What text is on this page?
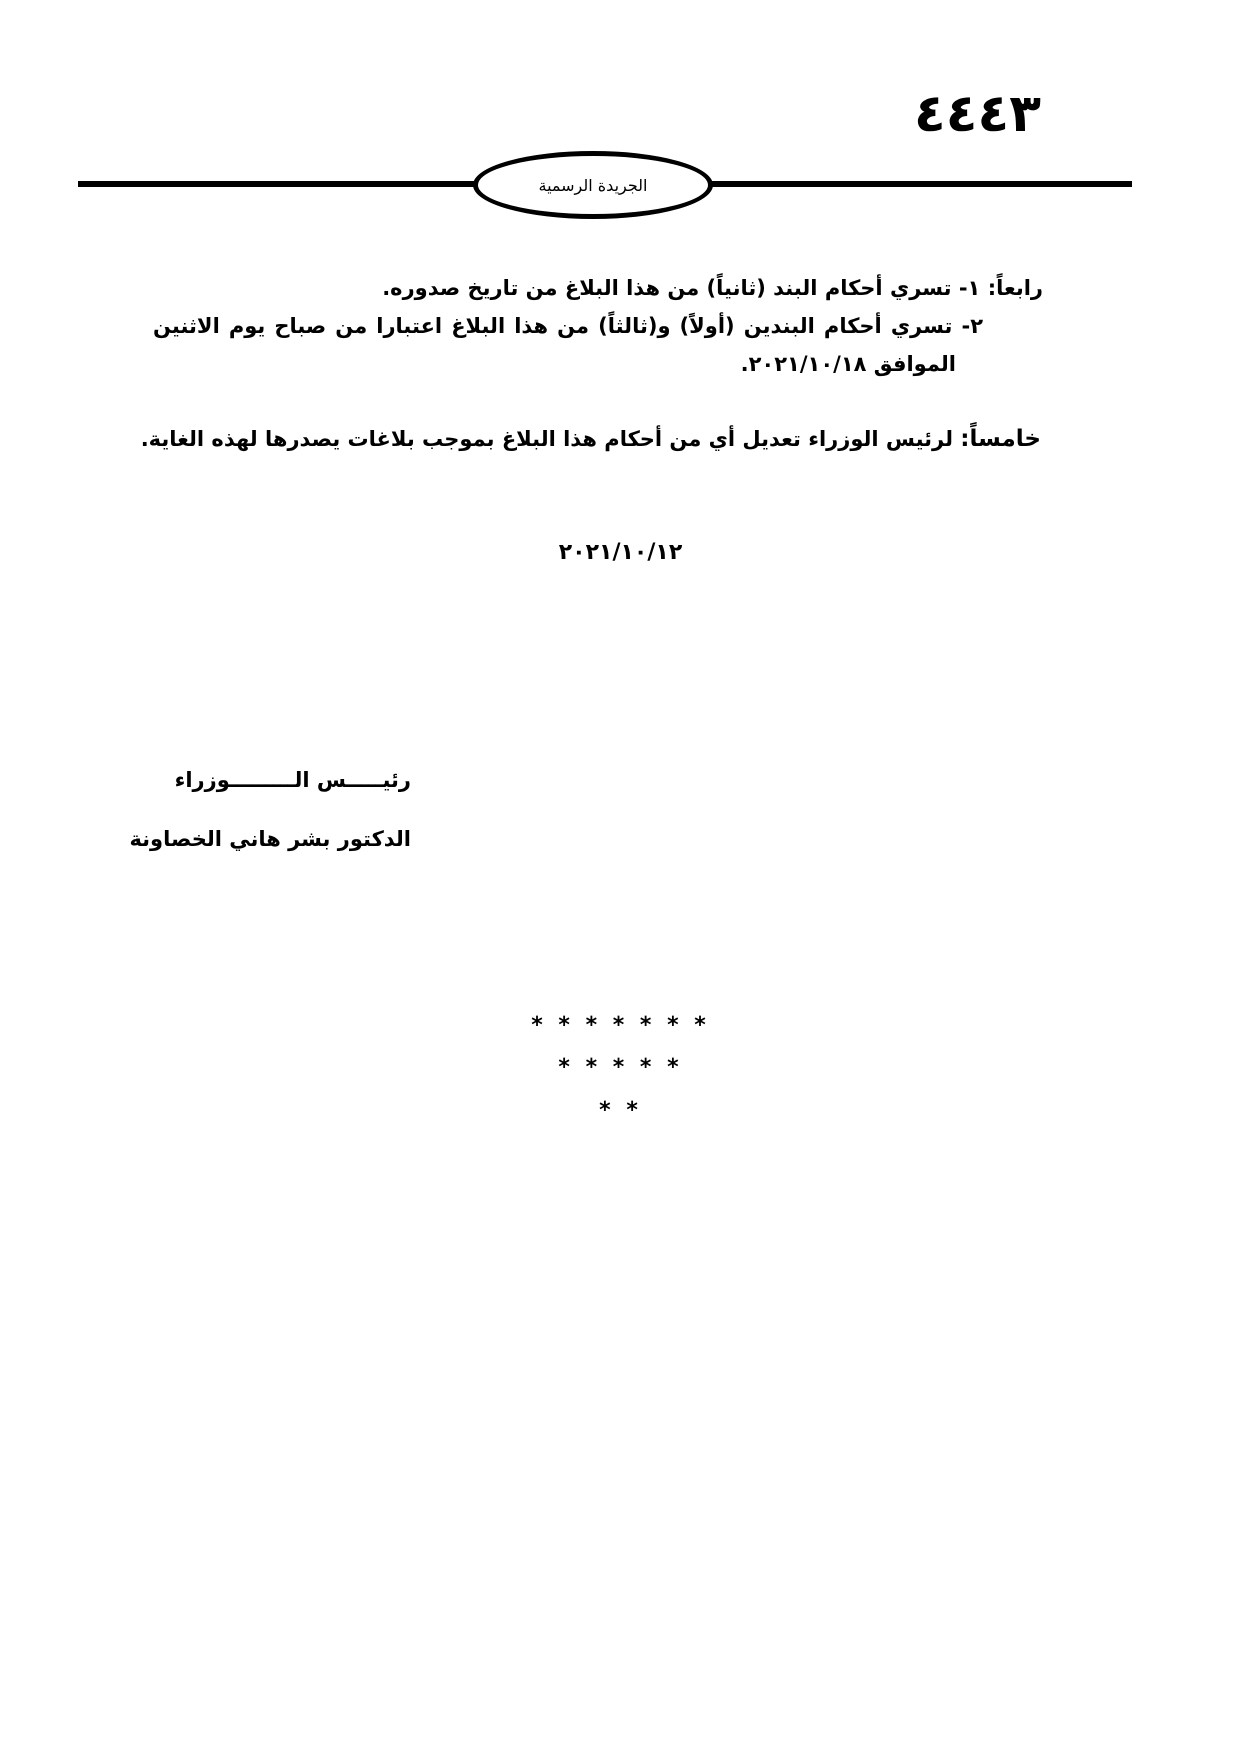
٤٤٤٣
الجريدة الرسمية
رابعاً: ١- تسري أحكام البند (ثانياً) من هذا البلاغ من تاريخ صدوره.
٢- تسري أحكام البندين (أولاً) و(ثالثاً) من هذا البلاغ اعتبارا من صباح يوم الاثنين
الموافق ٢٠٢١/١٠/١٨.
خامساً: لرئيس الوزراء تعديل أي من أحكام هذا البلاغ بموجب بلاغات يصدرها لهذه الغاية.
٢٠٢١/١٠/١٢
رئيـــــس الـــــــــوزراء
الدكتور بشر هاني الخصاونة
* * * * * * *
* * * * *
* *
